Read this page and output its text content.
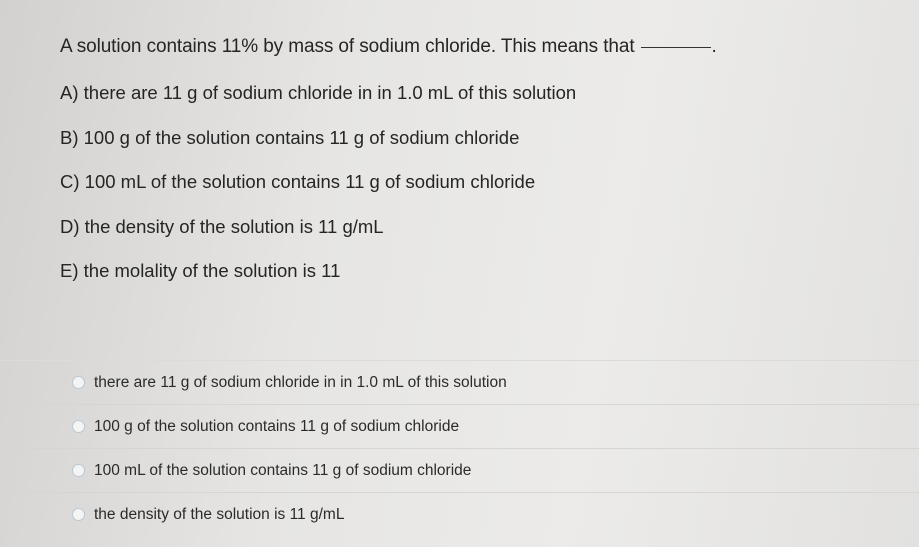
A solution contains 11% by mass of sodium chloride. This means that	.
A) there are 11 g of sodium chloride in in 1.0 mL of this solution
B) 100 g of the solution contains 11 g of sodium chloride
C) 100 mL of the solution contains 11 g of sodium chloride
D) the density of the solution is 11 g/mL
E) the molality of the solution is 11
there are 11 g of sodium chloride in in 1.0 mL of this solution
100 g of the solution contains 11 g of sodium chloride
100 mL of the solution contains 11 g of sodium chloride
the density of the solution is 11 g/mL
